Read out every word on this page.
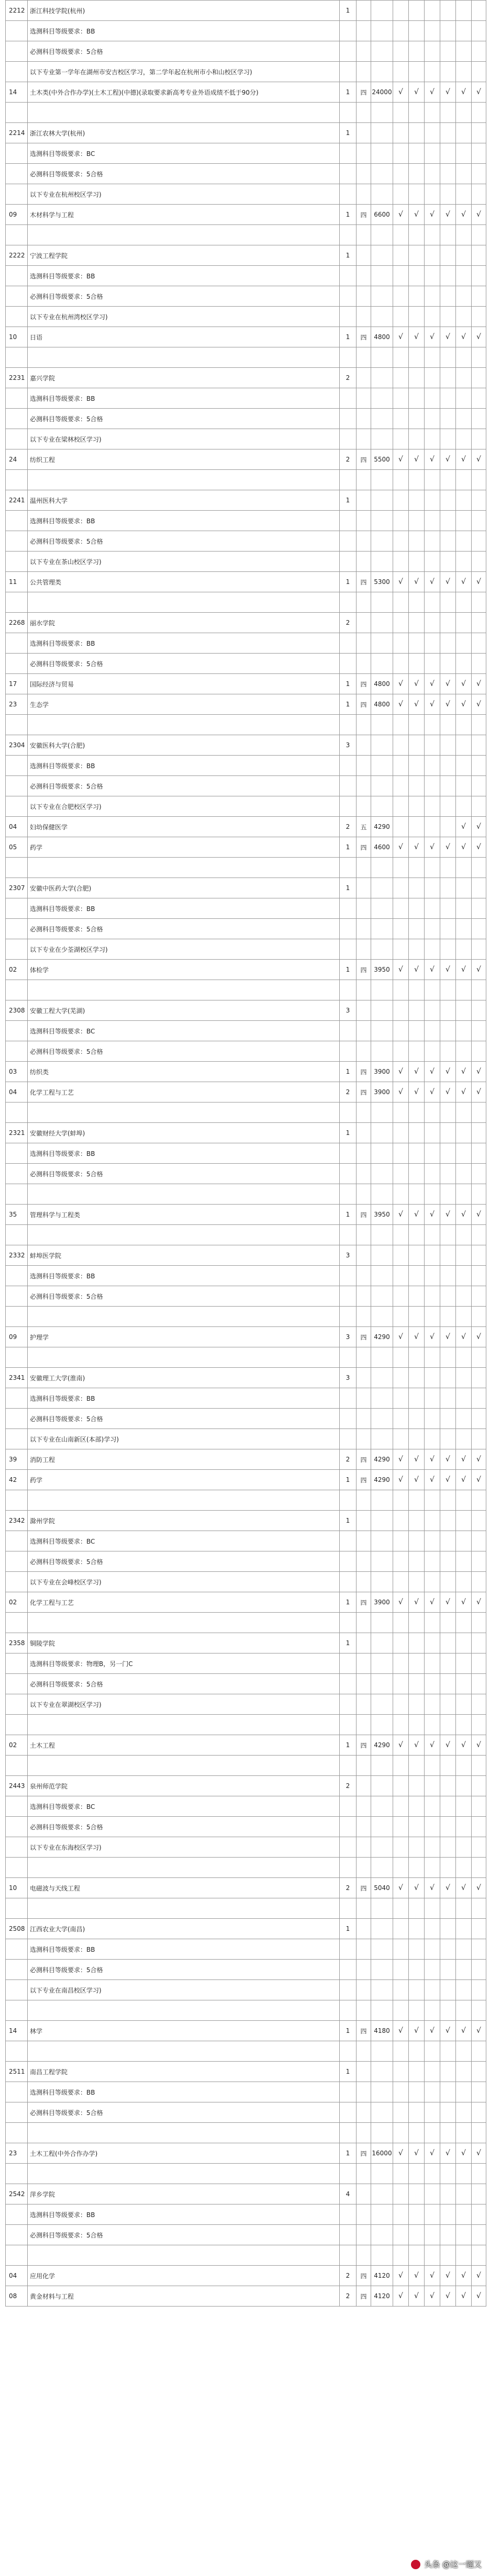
2212	浙江科技学院(杭州)	1								
	选测科目等级要求：BB									
	必测科目等级要求：5合格									
	以下专业第一学年在湖州市安吉校区学习，第二学年起在杭州市小和山校区学习)									
14	土木类(中外合作办学)(土木工程)(中德)(录取要求新高考专业外语成绩不低于90分)	1	四	24000	√	√	√	√	√	√

2214	浙江农林大学(杭州)	1								
	选测科目等级要求：BC									
	必测科目等级要求：5合格									
	以下专业在杭州校区学习)									
09	木材科学与工程	1	四	6600	√	√	√	√	√	√

2222	宁波工程学院	1								
	选测科目等级要求：BB									
	必测科目等级要求：5合格									
	以下专业在杭州湾校区学习)									
10	日语	1	四	4800	√	√	√	√	√	√

2231	嘉兴学院	2								
	选测科目等级要求：BB									
	必测科目等级要求：5合格									
	以下专业在梁林校区学习)									
24	纺织工程	2	四	5500	√	√	√	√	√	√

2241	温州医科大学	1								
	选测科目等级要求：BB									
	必测科目等级要求：5合格									
	以下专业在茶山校区学习)									
11	公共管理类	1	四	5300	√	√	√	√	√	√

2268	丽水学院	2								
	选测科目等级要求：BB									
	必测科目等级要求：5合格									
17	国际经济与贸易	1	四	4800	√	√	√	√	√	√
23	生态学	1	四	4800	√	√	√	√	√	√

2304	安徽医科大学(合肥)	3								
	选测科目等级要求：BB									
	必测科目等级要求：5合格									
	以下专业在合肥校区学习)									
04	妇幼保健医学	2	五	4290					√	√
05	药学	1	四	4600	√	√	√	√	√	√

2307	安徽中医药大学(合肥)	1								
	选测科目等级要求：BB									
	必测科目等级要求：5合格									
	以下专业在少荃湖校区学习)									
02	体检学	1	四	3950	√	√	√	√	√	√

2308	安徽工程大学(芜湖)	3								
	选测科目等级要求：BC									
	必测科目等级要求：5合格									
03	纺织类	1	四	3900	√	√	√	√	√	√
04	化学工程与工艺	2	四	3900	√	√	√	√	√	√

2321	安徽财经大学(蚌埠)	1								
	选测科目等级要求：BB									
	必测科目等级要求：5合格									

35	管理科学与工程类	1	四	3950	√	√	√	√	√	√

2332	蚌埠医学院	3								
	选测科目等级要求：BB									
	必测科目等级要求：5合格									

09	护理学	3	四	4290	√	√	√	√	√	√

2341	安徽理工大学(淮南)	3								
	选测科目等级要求：BB									
	必测科目等级要求：5合格									
	以下专业在山南新区(本部)学习)									
39	消防工程	2	四	4290	√	√	√	√	√	√
42	药学	1	四	4290	√	√	√	√	√	√

2342	滁州学院	1								
	选测科目等级要求：BC									
	必测科目等级要求：5合格									
	以下专业在会峰校区学习)									
02	化学工程与工艺	1	四	3900	√	√	√	√	√	√

2358	铜陵学院	1								
	选测科目等级要求：物理B，另一门C									
	必测科目等级要求：5合格									
	以下专业在翠湖校区学习)									

02	土木工程	1	四	4290	√	√	√	√	√	√

2443	泉州师范学院	2								
	选测科目等级要求：BC									
	必测科目等级要求：5合格									
	以下专业在东海校区学习)									

10	电磁波与天线工程	2	四	5040	√	√	√	√	√	√

2508	江西农业大学(南昌)	1								
	选测科目等级要求：BB									
	必测科目等级要求：5合格									
	以下专业在南昌校区学习)									

14	林学	1	四	4180	√	√	√	√	√	√

2511	南昌工程学院	1								
	选测科目等级要求：BB									
	必测科目等级要求：5合格									

23	土木工程(中外合作办学)	1	四	16000	√	√	√	√	√	√

2542	萍乡学院	4								
	选测科目等级要求：BB									
	必测科目等级要求：5合格									

04	应用化学	2	四	4120	√	√	√	√	√	√
08	黄金材料与工程	2	四	4120	√	√	√	√	√	√
头条 @这一题又
